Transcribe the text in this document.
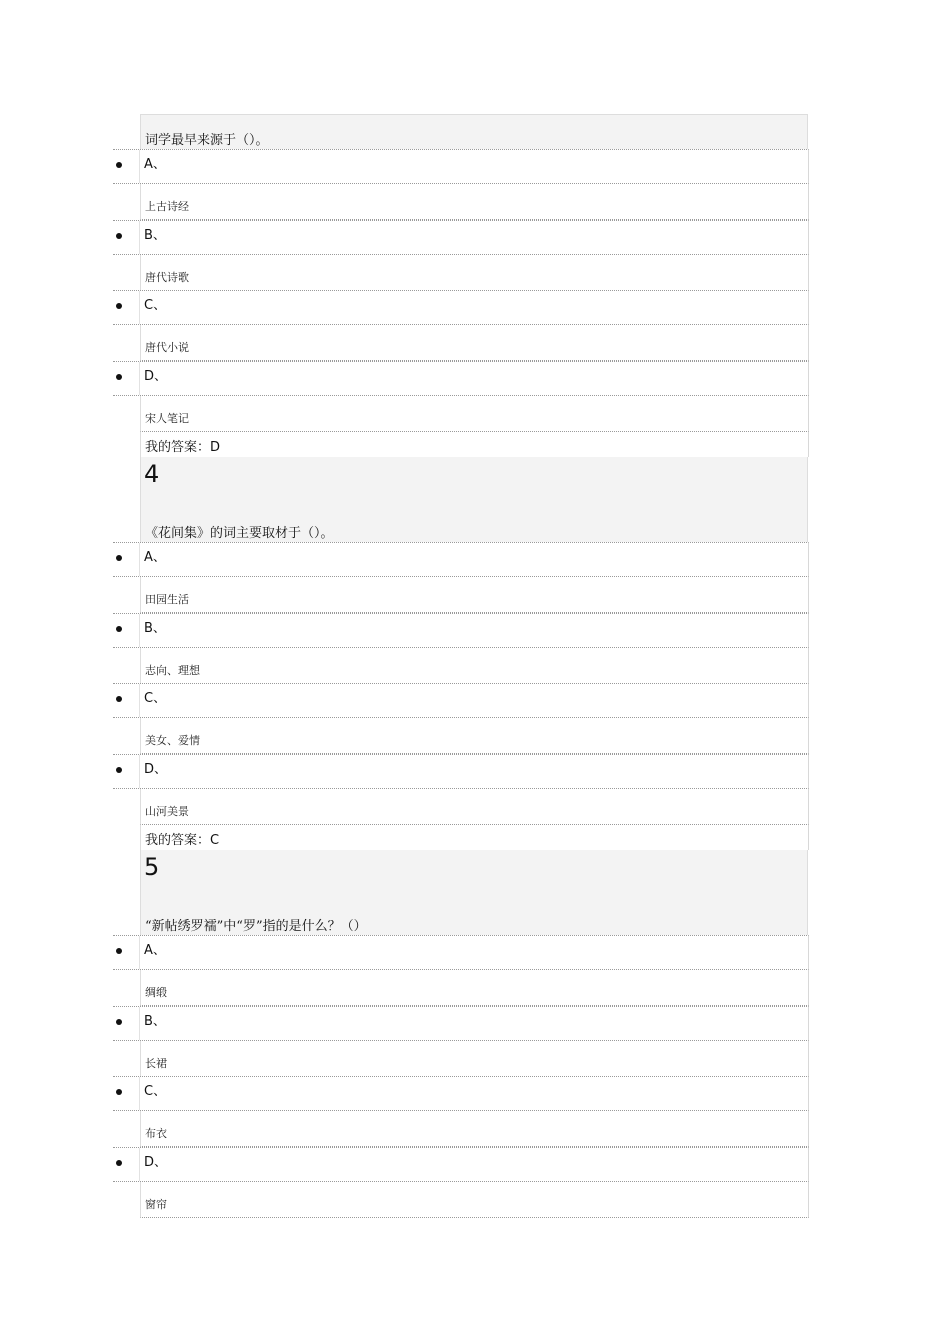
词学最早来源于（）。
A、
上古诗经
B、
唐代诗歌
C、
唐代小说
D、
宋人笔记
我的答案：D
4
《花间集》的词主要取材于（）。
A、
田园生活
B、
志向、理想
C、
美女、爱情
D、
山河美景
我的答案：C
5
“新帖绣罗襦”中“罗”指的是什么？（）
A、
绸缎
B、
长裙
C、
布衣
D、
窗帘
